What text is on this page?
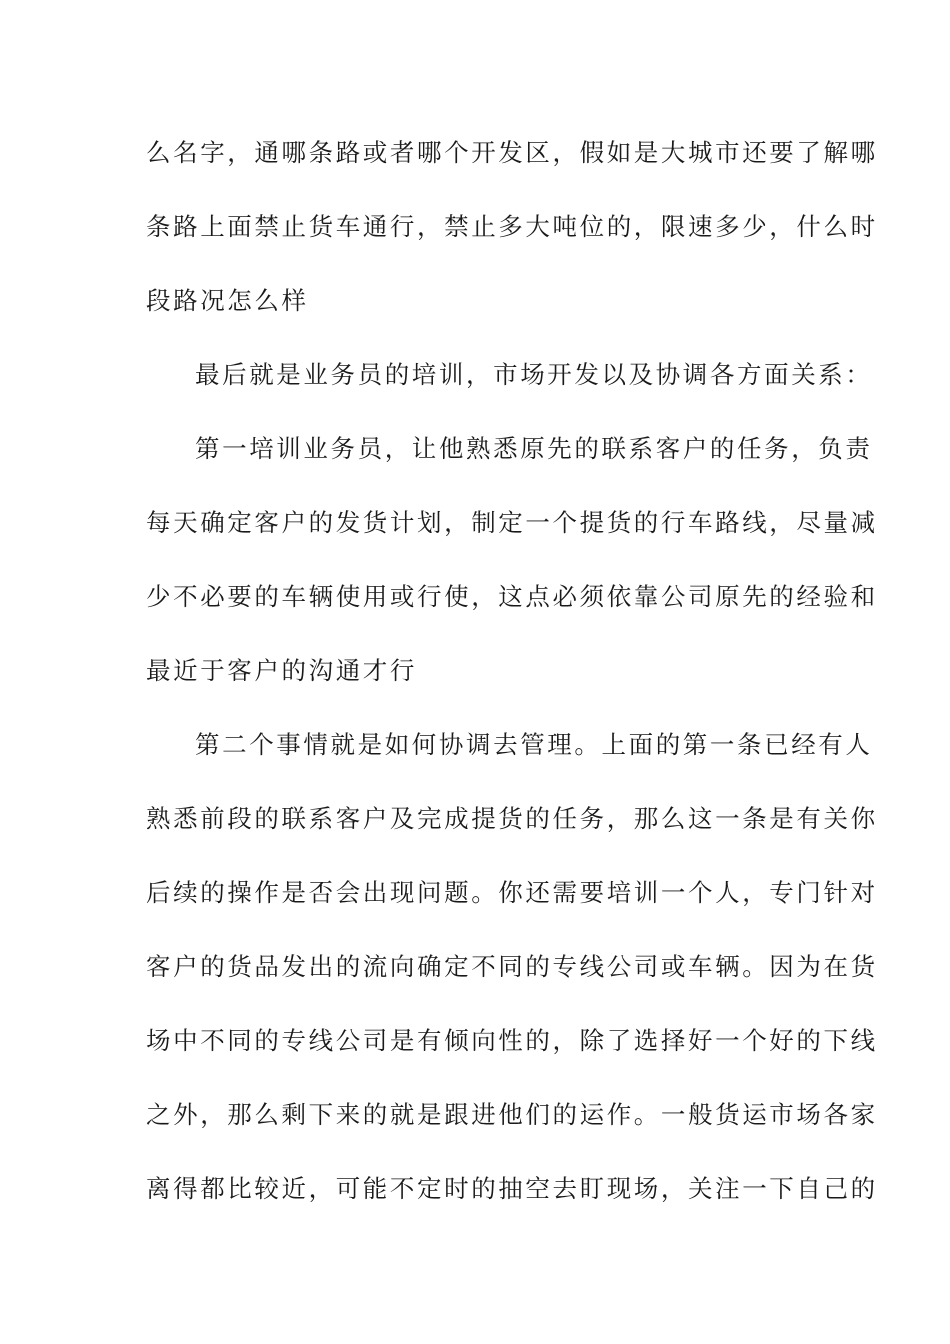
么名字，通哪条路或者哪个开发区，假如是大城市还要了解哪
条路上面禁止货车通行，禁止多大吨位的，限速多少，什么时
段路况怎么样
最后就是业务员的培训，市场开发以及协调各方面关系：
第一培训业务员，让他熟悉原先的联系客户的任务，负责
每天确定客户的发货计划，制定一个提货的行车路线，尽量减
少不必要的车辆使用或行使，这点必须依靠公司原先的经验和
最近于客户的沟通才行
第二个事情就是如何协调去管理。上面的第一条已经有人
熟悉前段的联系客户及完成提货的任务，那么这一条是有关你
后续的操作是否会出现问题。你还需要培训一个人，专门针对
客户的货品发出的流向确定不同的专线公司或车辆。因为在货
场中不同的专线公司是有倾向性的，除了选择好一个好的下线
之外，那么剩下来的就是跟进他们的运作。一般货运市场各家
离得都比较近，可能不定时的抽空去盯现场，关注一下自己的
